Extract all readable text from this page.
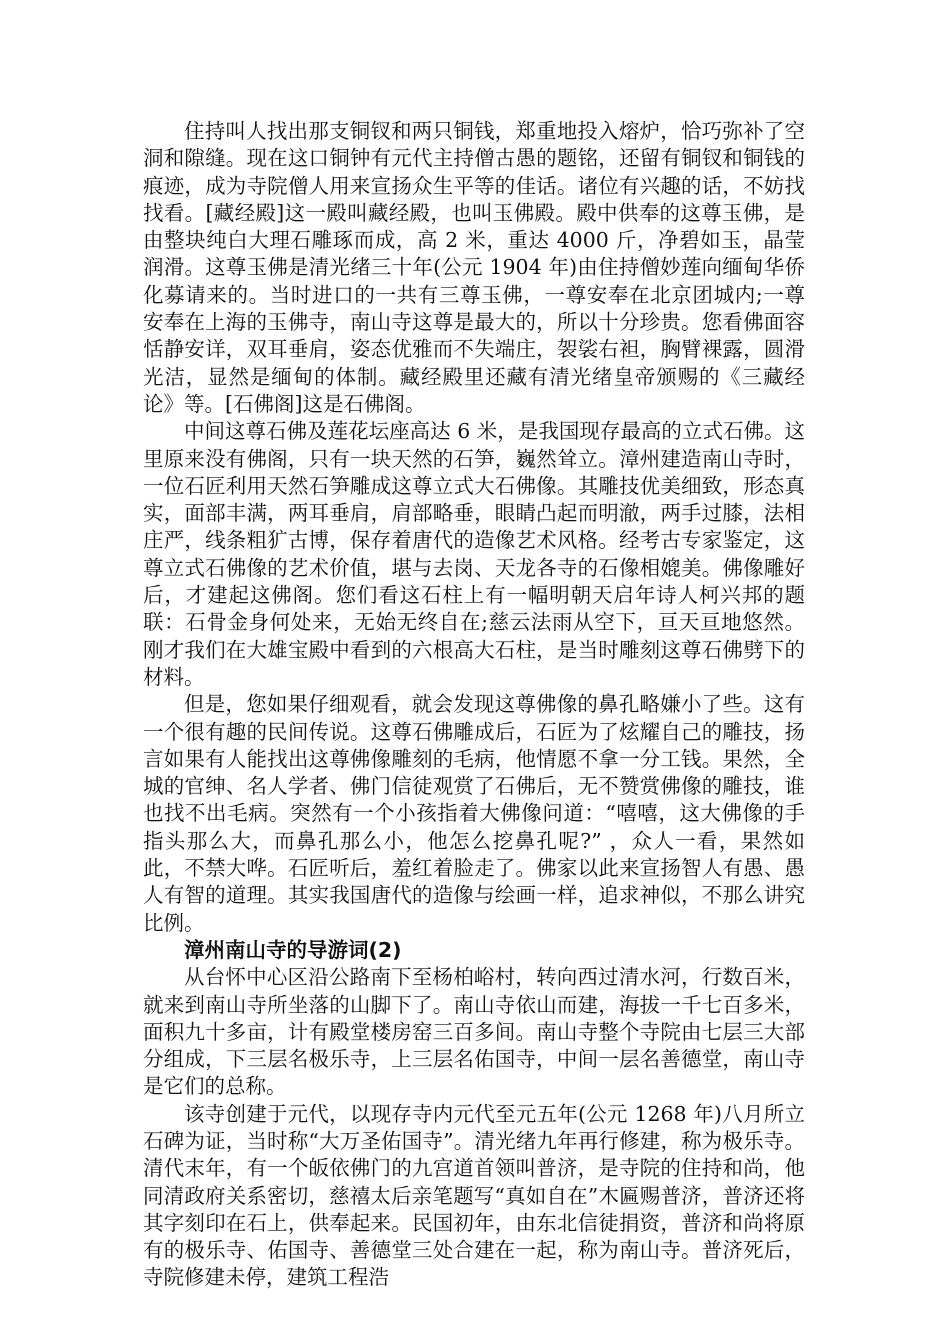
住持叫人找出那支铜钗和两只铜钱，郑重地投入熔炉，恰巧弥补了空洞和隙缝。现在这口铜钟有元代主持僧古愚的题铭，还留有铜钗和铜钱的痕迹，成为寺院僧人用来宣扬众生平等的佳话。诸位有兴趣的话，不妨找找看。[藏经殿]这一殿叫藏经殿，也叫玉佛殿。殿中供奉的这尊玉佛，是由整块纯白大理石雕琢而成，高 2 米，重达 4000 斤，净碧如玉，晶莹润滑。这尊玉佛是清光绪三十年(公元 1904 年)由住持僧妙莲向缅甸华侨化募请来的。当时进口的一共有三尊玉佛，一尊安奉在北京团城内;一尊安奉在上海的玉佛寺，南山寺这尊是最大的，所以十分珍贵。您看佛面容恬静安详，双耳垂肩，姿态优雅而不失端庄，袈裟右袒，胸臂裸露，圆滑光洁，显然是缅甸的体制。藏经殿里还藏有清光绪皇帝颁赐的《三藏经论》等。[石佛阁]这是石佛阁。

中间这尊石佛及莲花坛座高达 6 米，是我国现存最高的立式石佛。这里原来没有佛阁，只有一块天然的石笋，巍然耸立。漳州建造南山寺时，一位石匠利用天然石笋雕成这尊立式大石佛像。其雕技优美细致，形态真实，面部丰满，两耳垂肩，肩部略垂，眼睛凸起而明澈，两手过膝，法相庄严，线条粗犷古博，保存着唐代的造像艺术风格。经考古专家鉴定，这尊立式石佛像的艺术价值，堪与去岗、天龙各寺的石像相媲美。佛像雕好后，才建起这佛阁。您们看这石柱上有一幅明朝天启年诗人柯兴邦的题联：石骨金身何处来，无始无终自在;慈云法雨从空下，亘天亘地悠然。刚才我们在大雄宝殿中看到的六根高大石柱，是当时雕刻这尊石佛劈下的材料。

但是，您如果仔细观看，就会发现这尊佛像的鼻孔略嫌小了些。这有一个很有趣的民间传说。这尊石佛雕成后，石匠为了炫耀自己的雕技，扬言如果有人能找出这尊佛像雕刻的毛病，他情愿不拿一分工钱。果然，全城的官绅、名人学者、佛门信徒观赏了石佛后，无不赞赏佛像的雕技，谁也找不出毛病。突然有一个小孩指着大佛像问道：“嘻嘻，这大佛像的手指头那么大，而鼻孔那么小，他怎么挖鼻孔呢?” ，众人一看，果然如此，不禁大哗。石匠听后，羞红着脸走了。佛家以此来宣扬智人有愚、愚人有智的道理。其实我国唐代的造像与绘画一样，追求神似，不那么讲究比例。

漳州南山寺的导游词(2)

从台怀中心区沿公路南下至杨柏峪村，转向西过清水河，行数百米，就来到南山寺所坐落的山脚下了。南山寺依山而建，海拔一千七百多米，面积九十多亩，计有殿堂楼房窑三百多间。南山寺整个寺院由七层三大部分组成，下三层名极乐寺，上三层名佑国寺，中间一层名善德堂，南山寺是它们的总称。

该寺创建于元代，以现存寺内元代至元五年(公元 1268 年)八月所立石碑为证，当时称“大万圣佑国寺”。清光绪九年再行修建，称为极乐寺。清代末年，有一个皈依佛门的九宫道首领叫普济，是寺院的住持和尚，他同清政府关系密切，慈禧太后亲笔题写“真如自在”木匾赐普济，普济还将其字刻印在石上，供奉起来。民国初年，由东北信徒捐资，普济和尚将原有的极乐寺、佑国寺、善德堂三处合建在一起，称为南山寺。普济死后，寺院修建未停，建筑工程浩
